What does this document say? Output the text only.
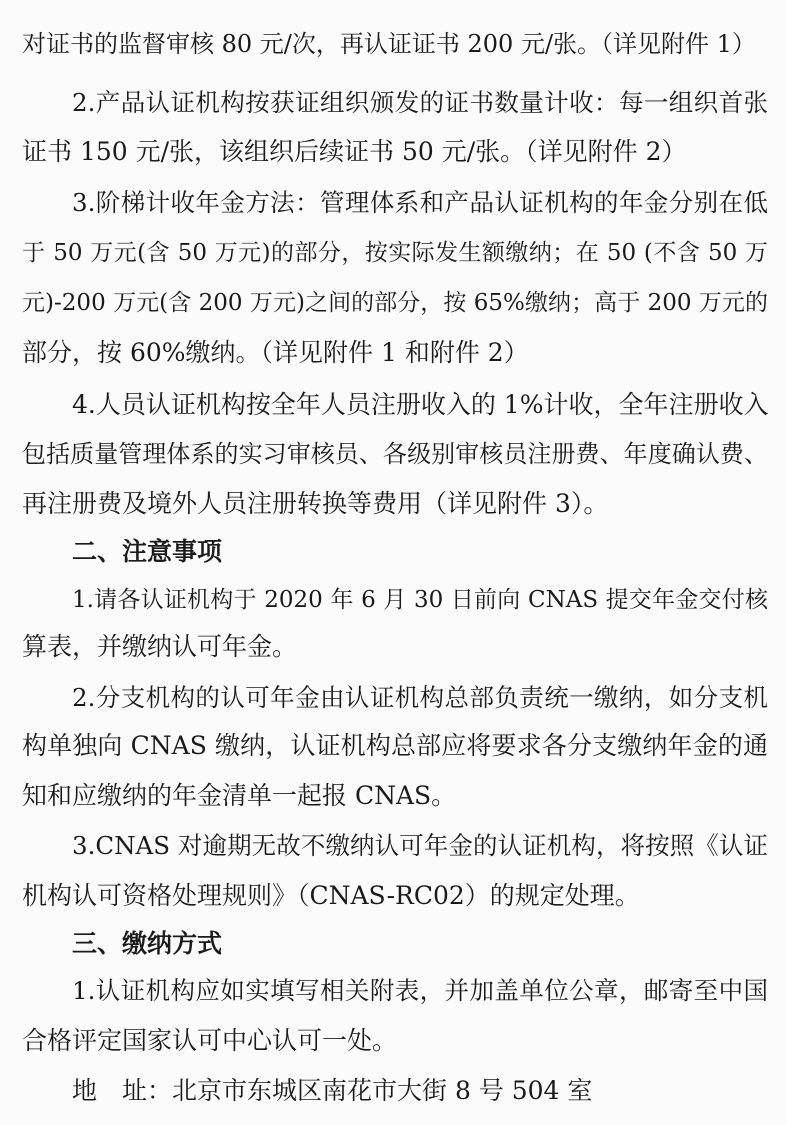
对证书的监督审核 80 元/次，再认证证书 200 元/张。（详见附件 1）
2.产品认证机构按获证组织颁发的证书数量计收：每一组织首张
证书 150 元/张，该组织后续证书 50 元/张。（详见附件 2）
3.阶梯计收年金方法：管理体系和产品认证机构的年金分别在低
于 50 万元(含 50 万元)的部分，按实际发生额缴纳；在 50 (不含 50 万
元)-200 万元(含 200 万元)之间的部分，按 65%缴纳；高于 200 万元的
部分，按 60%缴纳。（详见附件 1 和附件 2）
4.人员认证机构按全年人员注册收入的 1%计收，全年注册收入
包括质量管理体系的实习审核员、各级别审核员注册费、年度确认费、
再注册费及境外人员注册转换等费用（详见附件 3）。
二、注意事项
1.请各认证机构于 2020 年 6 月 30 日前向 CNAS 提交年金交付核
算表，并缴纳认可年金。
2.分支机构的认可年金由认证机构总部负责统一缴纳，如分支机
构单独向 CNAS 缴纳，认证机构总部应将要求各分支缴纳年金的通
知和应缴纳的年金清单一起报 CNAS。
3.CNAS 对逾期无故不缴纳认可年金的认证机构，将按照《认证
机构认可资格处理规则》（CNAS-RC02）的规定处理。
三、缴纳方式
1.认证机构应如实填写相关附表，并加盖单位公章，邮寄至中国
合格评定国家认可中心认可一处。
地　址：北京市东城区南花市大街 8 号 504 室
